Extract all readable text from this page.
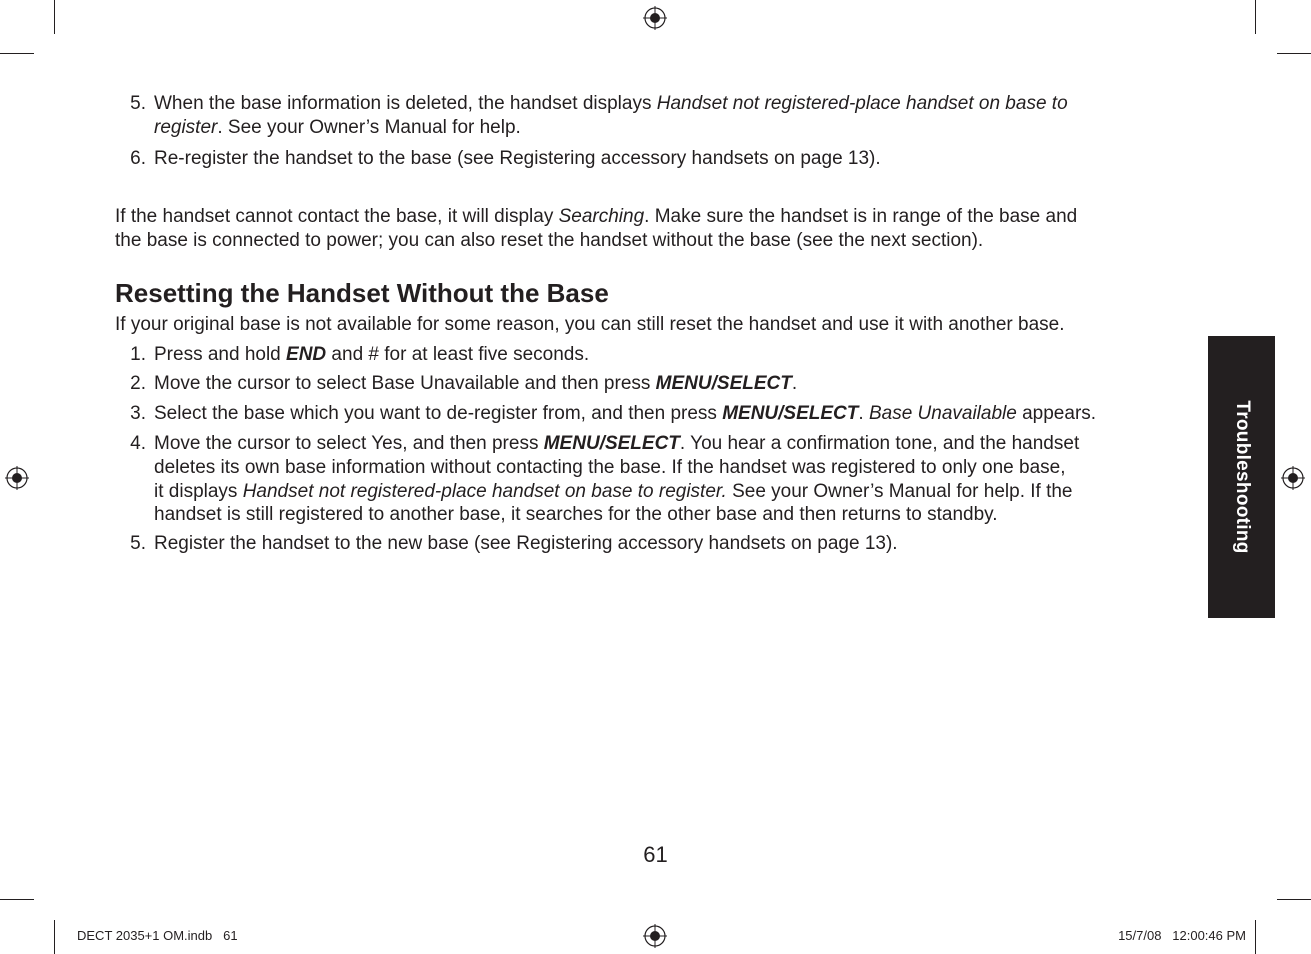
5. When the base information is deleted, the handset displays Handset not registered-place handset on base to
register. See your Owner’s Manual for help.
6. Re-register the handset to the base (see Registering accessory handsets on page 13).
If the handset cannot contact the base, it will display Searching. Make sure the handset is in range of the base and
the base is connected to power; you can also reset the handset without the base (see the next section).
Resetting the Handset Without the Base
If your original base is not available for some reason, you can still reset the handset and use it with another base.
1. Press and hold END and # for at least five seconds.
2. Move the cursor to select Base Unavailable and then press MENU/SELECT.
3. Select the base which you want to de-register from, and then press MENU/SELECT. Base Unavailable appears.
4. Move the cursor to select Yes, and then press MENU/SELECT. You hear a confirmation tone, and the handset
deletes its own base information without contacting the base. If the handset was registered to only one base,
it displays Handset not registered-place handset on base to register. See your Owner’s Manual for help. If the
handset is still registered to another base, it searches for the other base and then returns to standby.
5. Register the handset to the new base (see Registering accessory handsets on page 13).	Troubleshooting
61
DECT 2035+1 OM.indb   61	15/7/08   12:00:46 PM
